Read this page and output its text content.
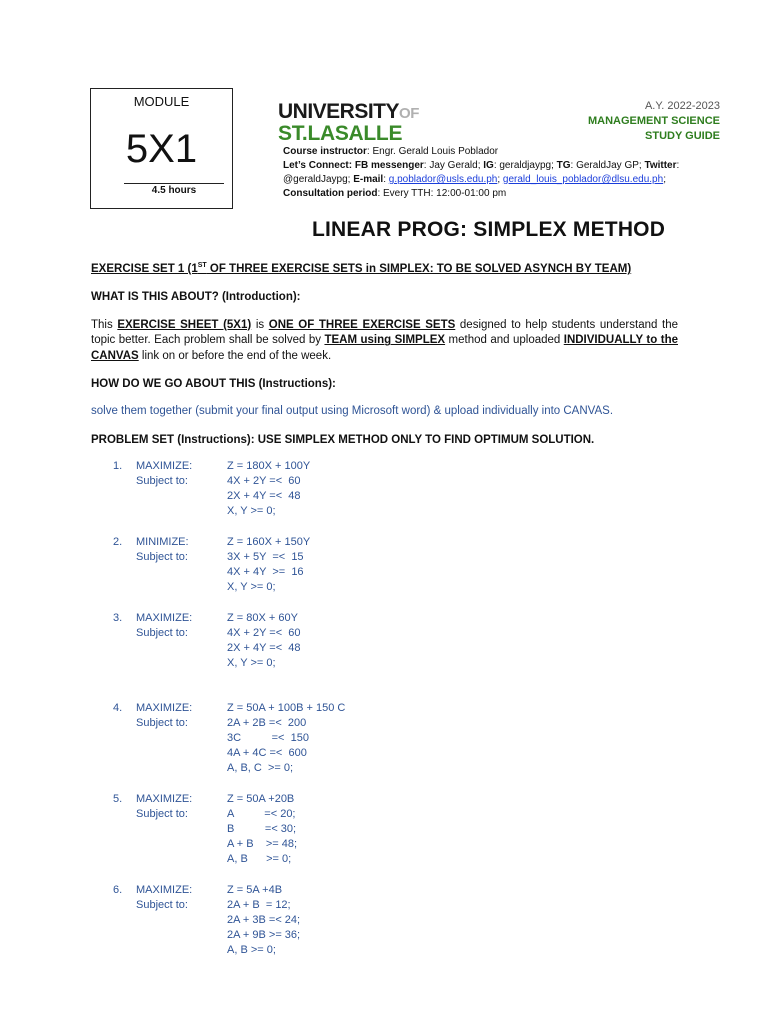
MODULE
5X1
4.5 hours
UNIVERSITYOF
ST.LASALLE
A.Y. 2022-2023
MANAGEMENT SCIENCE
STUDY GUIDE
Course instructor: Engr. Gerald Louis Poblador
Let’s Connect: FB messenger: Jay Gerald; IG: geraldjaypg; TG: GeraldJay GP; Twitter: @geraldJaypg; E-mail: g.poblador@usls.edu.ph; gerald_louis_poblador@dlsu.edu.ph;
Consultation period: Every TTH: 12:00-01:00 pm
LINEAR PROG: SIMPLEX METHOD

EXERCISE SET 1 (1ST OF THREE EXERCISE SETS in SIMPLEX: TO BE SOLVED ASYNCH BY TEAM)

WHAT IS THIS ABOUT? (Introduction):

This EXERCISE SHEET (5X1) is ONE OF THREE EXERCISE SETS designed to help students understand the topic better. Each problem shall be solved by TEAM using SIMPLEX method and uploaded INDIVIDUALLY to the CANVAS link on or before the end of the week.

HOW DO WE GO ABOUT THIS (Instructions):

solve them together (submit your final output using Microsoft word) & upload individually into CANVAS.

PROBLEM SET (Instructions): USE SIMPLEX METHOD ONLY TO FIND OPTIMUM SOLUTION.

1. MAXIMIZE:
Subject to:
Z = 180X + 100Y
4X + 2Y =<  60
2X + 4Y =<  48
X, Y >= 0;
2. MINIMIZE:
Subject to:
Z = 160X + 150Y
3X + 5Y  =<  15
4X + 4Y  >=  16
X, Y >= 0;
3. MAXIMIZE:
Subject to:
Z = 80X + 60Y
4X + 2Y =<  60
2X + 4Y =<  48
X, Y >= 0;
4. MAXIMIZE:
Subject to:
Z = 50A + 100B + 150 C
2A + 2B =<  200
3C          =<  150
4A + 4C =<  600
A, B, C  >= 0;
5. MAXIMIZE:
Subject to:
Z = 50A +20B
A          =< 20;
B          =< 30;
A + B    >= 48;
A, B      >= 0;
6. MAXIMIZE:
Subject to:
Z = 5A +4B
2A + B  = 12;
2A + 3B =< 24;
2A + 9B >= 36;
A, B >= 0;
